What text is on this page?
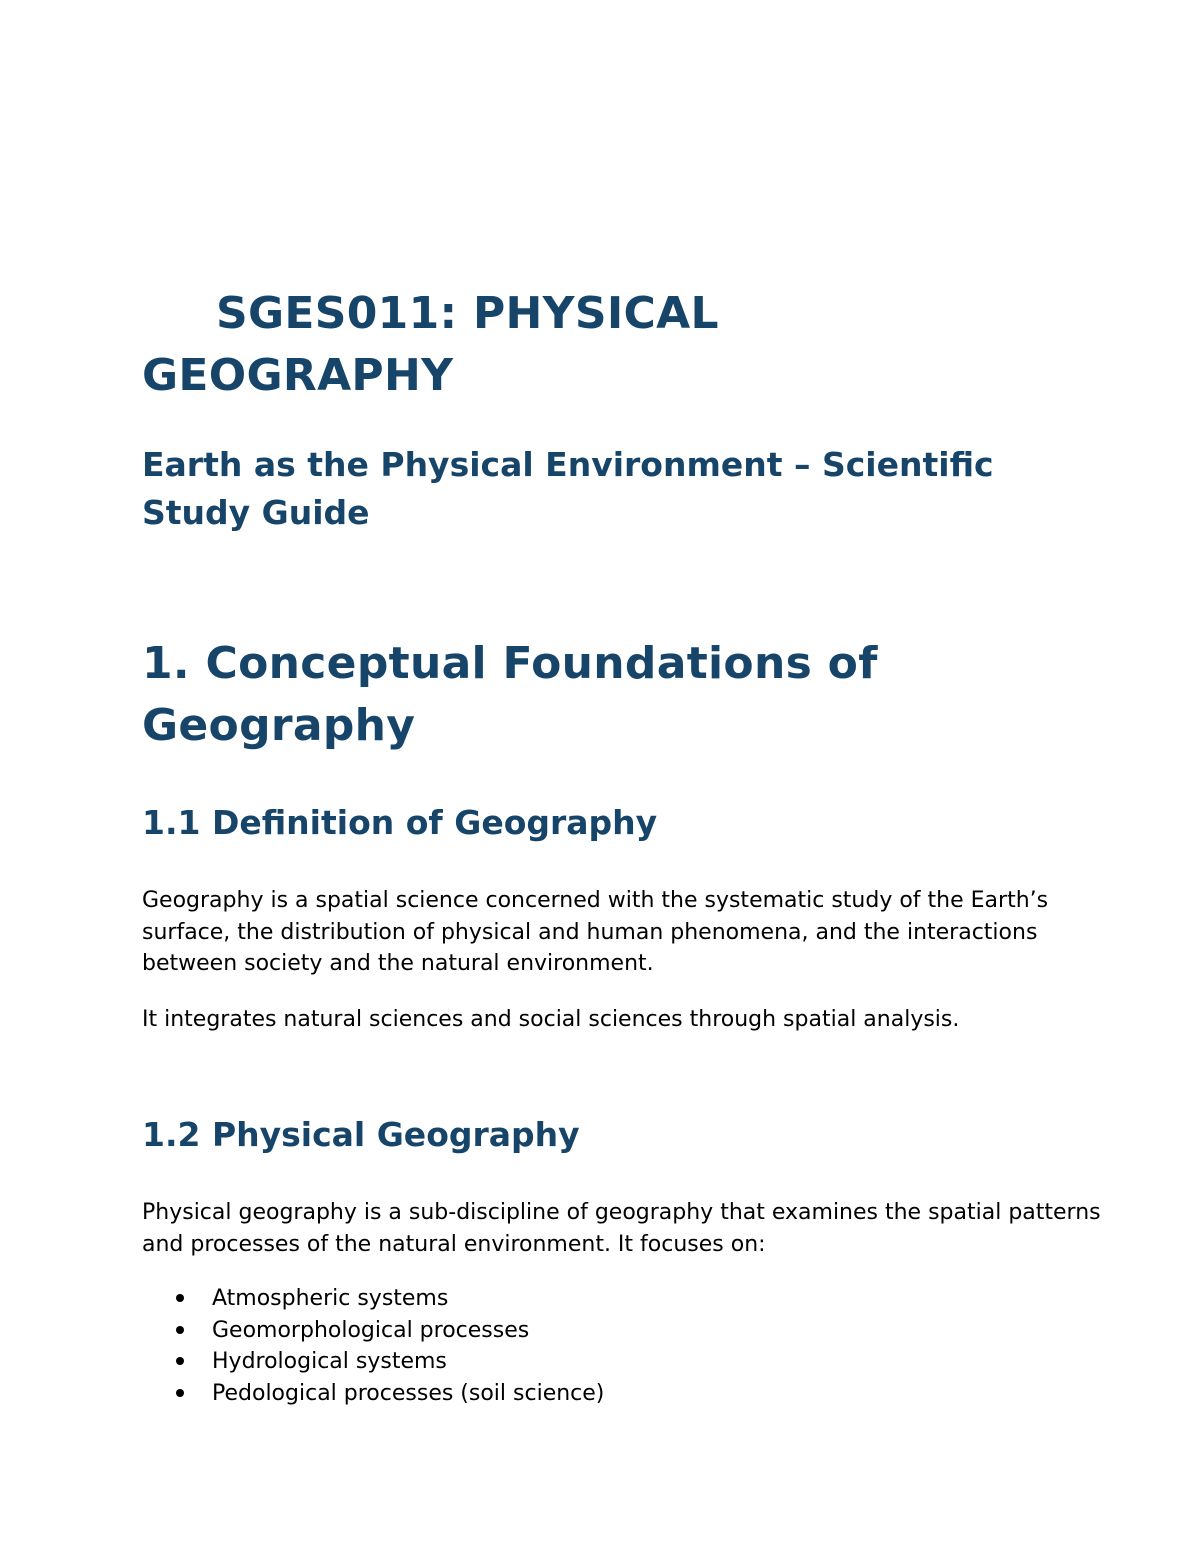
SGES011: PHYSICAL
GEOGRAPHY
Earth as the Physical Environment – Scientific Study Guide
1. Conceptual Foundations of Geography
1.1 Definition of Geography

Geography is a spatial science concerned with the systematic study of the Earth’s surface, the distribution of physical and human phenomena, and the interactions between society and the natural environment.

It integrates natural sciences and social sciences through spatial analysis.

1.2 Physical Geography

Physical geography is a sub-discipline of geography that examines the spatial patterns and processes of the natural environment. It focuses on:

Atmospheric systems
Geomorphological processes
Hydrological systems
Pedological processes (soil science)
